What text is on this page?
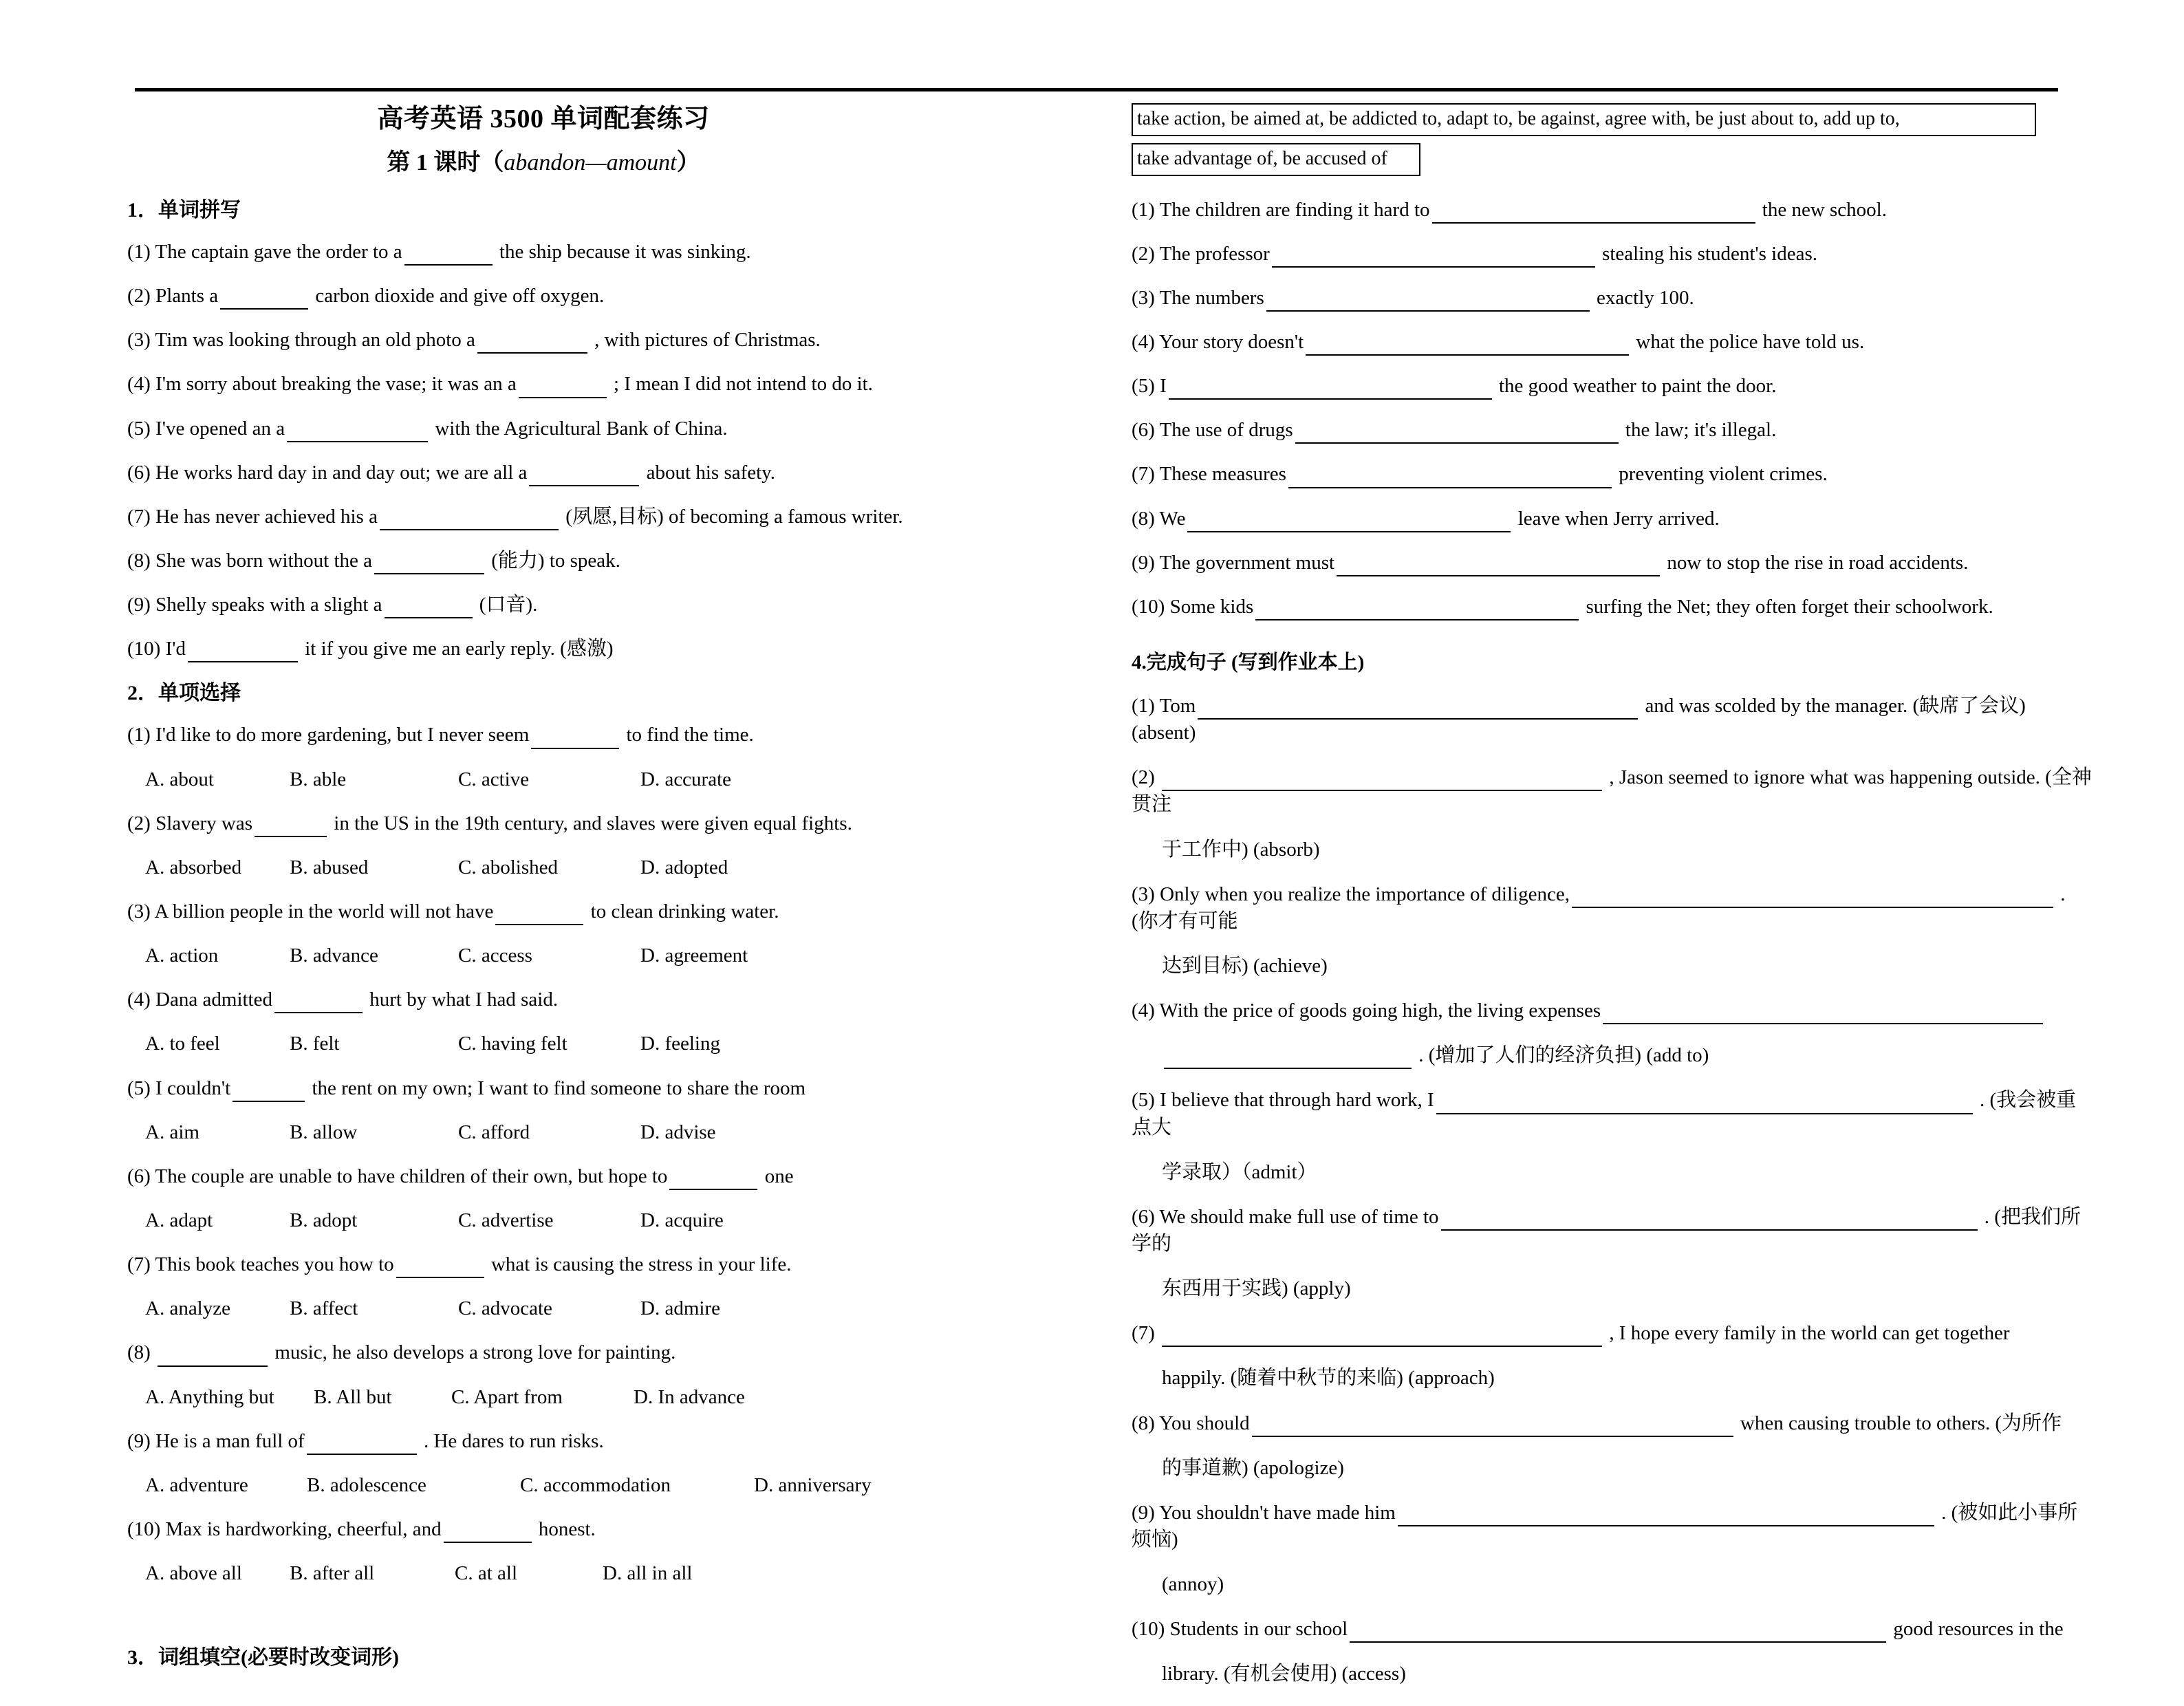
高考英语 3500 单词配套练习
第 1 课时（abandon—amount）
1．单词拼写
(1) The captain gave the order to a	the ship because it was sinking.
(2) Plants a	carbon dioxide and give off oxygen.
(3) Tim was looking through an old photo a	, with pictures of Christmas.
(4) I'm sorry about breaking the vase; it was an a	; I mean I did not intend to do it.
(5) I've opened an a	with the Agricultural Bank of China.
(6) He works hard day in and day out; we are all a	about his safety.
(7) He has never achieved his a	(夙愿,目标) of becoming a famous writer.
(8) She was born without the a	(能力) to speak.
(9) Shelly speaks with a slight a	(口音).
(10) I'd	it if you give me an early reply. (感激)
2．单项选择
(1) I'd like to do more gardening, but I never seem	to find the time.
A. about	B. able	C. active	D. accurate
(2) Slavery was	in the US in the 19th century, and slaves were given equal fights.
A. absorbed B. abused	C. abolished	D. adopted
(3) A billion people in the world will not have	to clean drinking water.
A. action	B. advance	C. access	D. agreement
(4) Dana admitted	hurt by what I had said.
A. to feel	B. felt	C. having felt	D. feeling
(5) I couldn't	the rent on my own; I want to find someone to share the room
A. aim	B. allow	C. afford	D. advise
(6) The couple are unable to have children of their own, but hope to	one
A. adapt	B. adopt	C. advertise	D. acquire
(7) This book teaches you how to	what is causing the stress in your life.
A. analyze	B. affect	C. advocate	D. admire
(8)	music, he also develops a strong love for painting.
A. Anything but B. All but	C. Apart from	D. In advance
(9) He is a man full of	. He dares to run risks.
A. adventure	B. adolescence	C. accommodation	D. anniversary
(10) Max is hardworking, cheerful, and	honest.
A. above all B. after all	C. at all	D. all in all
3．词组填空(必要时改变词形)
take action, be aimed at, be addicted to, adapt to, be against, agree with, be just about to, add up to, take advantage of, be accused of
(1) The children are finding it hard to	the new school.
(2) The professor	stealing his student's ideas.
(3) The numbers	exactly 100.
(4) Your story doesn't	what the police have told us.
(5) I	the good weather to paint the door.
(6) The use of drugs	the law; it's illegal.
(7) These measures	preventing violent crimes.
(8) We	leave when Jerry arrived.
(9) The government must	now to stop the rise in road accidents.
(10) Some kids	surfing the Net; they often forget their schoolwork.
4.完成句子 (写到作业本上)
(1) Tom	and was scolded by the manager. (缺席了会议) (absent)
(2)	, Jason seemed to ignore what was happening outside. (全神贯注
于工作中) (absorb)
(3) Only when you realize the importance of diligence,	. (你才有可能
达到目标) (achieve)
(4) With the price of goods going high, the living expenses
. (增加了人们的经济负担) (add to)
(5) I believe that through hard work, I	. (我会被重点大
学录取）（admit）
(6) We should make full use of time to	. (把我们所学的
东西用于实践) (apply)
(7)	, I hope every family in the world can get together
happily. (随着中秋节的来临) (approach)
(8) You should	when causing trouble to others. (为所作
的事道歉) (apologize)
(9) You shouldn't have made him	. (被如此小事所烦恼)
(annoy)
(10) Students in our school	good resources in the
library. (有机会使用) (access)
